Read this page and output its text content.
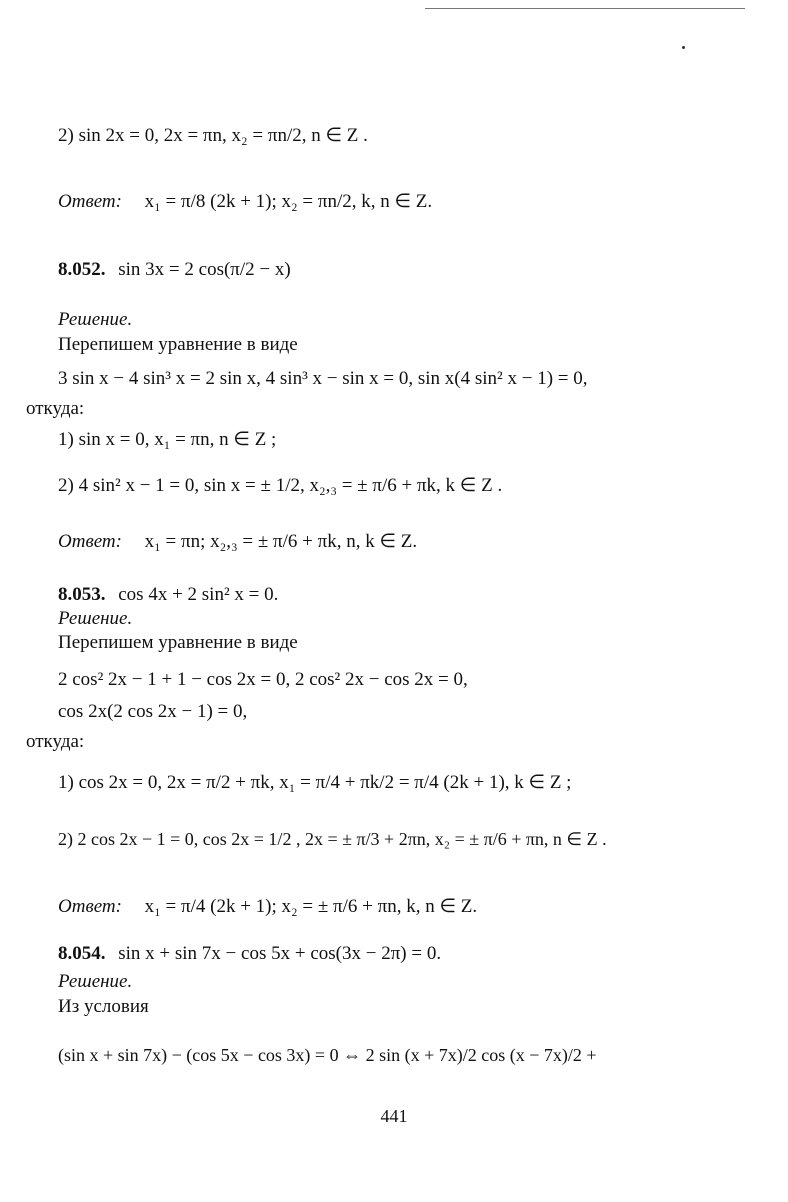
2) sin 2x = 0, 2x = πn, x₂ = πn/2, n ∈ Z .
Ответ: x₁ = π/8 (2k + 1); x₂ = πn/2, k, n ∈ Z.
8.052. sin 3x = 2 cos(π/2 − x)
Решение.
Перепишем уравнение в виде
3 sin x − 4 sin³ x = 2 sin x, 4 sin³ x − sin x = 0, sin x(4 sin² x − 1) = 0,
откуда:
1) sin x = 0, x₁ = πn, n ∈ Z ;
2) 4 sin² x − 1 = 0, sin x = ± 1/2, x₂,₃ = ± π/6 + πk, k ∈ Z .
Ответ: x₁ = πn; x₂,₃ = ± π/6 + πk, n, k ∈ Z.
8.053. cos 4x + 2 sin² x = 0.
Решение.
Перепишем уравнение в виде
2 cos² 2x − 1 + 1 − cos 2x = 0, 2 cos² 2x − cos 2x = 0,
cos 2x(2 cos 2x − 1) = 0,
откуда:
1) cos 2x = 0, 2x = π/2 + πk, x₁ = π/4 + πk/2 = π/4 (2k + 1), k ∈ Z ;
2) 2 cos 2x − 1 = 0, cos 2x = 1/2 , 2x = ± π/3 + 2πn, x₂ = ± π/6 + πn, n ∈ Z .
Ответ: x₁ = π/4 (2k + 1); x₂ = ± π/6 + πn, k, n ∈ Z.
8.054. sin x + sin 7x − cos 5x + cos(3x − 2π) = 0.
Решение.
Из условия
(sin x + sin 7x) − (cos 5x − cos 3x) = 0 ⇔ 2 sin (x + 7x)/2 cos (x − 7x)/2 +
441
